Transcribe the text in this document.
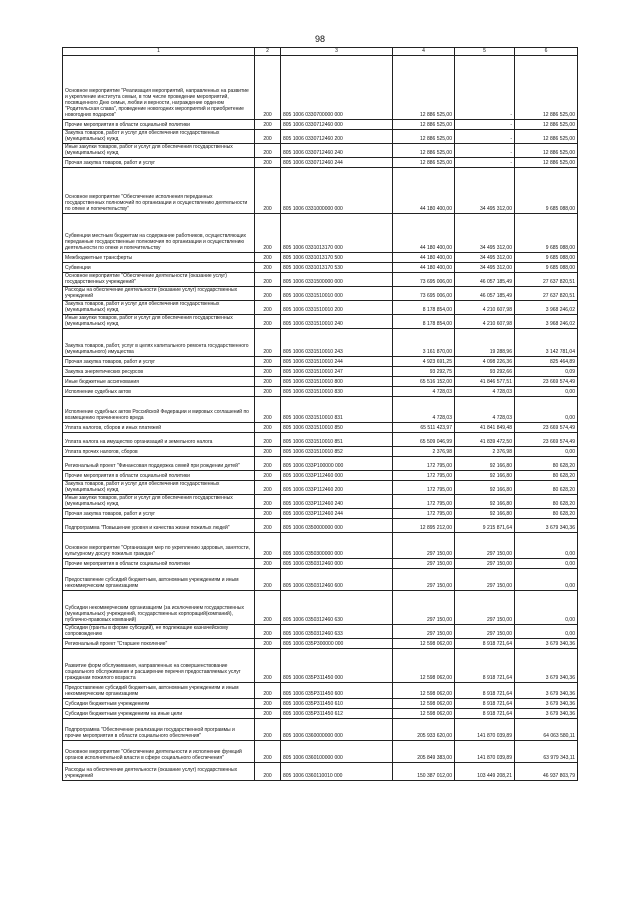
98
1	2	3	4	5	6
Основное мероприятие "Реализация мероприятий, направленных на развитие и укрепление института семьи, в том числе проведение мероприятий, посвященного Дню семьи, любви и верности, награждение орденом "Родительская слава", проведение новогодних мероприятий и приобретение новогодних подарков"	200	805 1006 0330700000 000	12 886 525,00	-	12 886 525,00
Прочие мероприятия в области социальной политики	200	805 1006 0330712460 000	12 886 525,00	-	12 886 525,00
Закупка товаров, работ и услуг для обеспечения государственных (муниципальных) нужд	200	805 1006 0330712460 200	12 886 525,00	-	12 886 525,00
Иные закупки товаров, работ и услуг для обеспечения государственных (муниципальных) нужд	200	805 1006 0330712460 240	12 886 525,00	-	12 886 525,00
Прочая закупка товаров, работ и услуг	200	805 1006 0330712460 244	12 886 525,00	-	12 886 525,00
Основное мероприятие "Обеспечение исполнения переданных государственных полномочий по организации и осуществлению деятельности по опеке и попечительству"	200	805 1006 0331000000 000	44 180 400,00	34 495 312,00	9 685 088,00
Субвенции местным бюджетам на содержание работников, осуществляющих переданные государственные полномочия по организации и осуществлению деятельности по опеке и попечительству	200	805 1006 0331013170 000	44 180 400,00	34 495 312,00	9 685 088,00
Межбюджетные трансферты	200	805 1006 0331013170 500	44 180 400,00	34 495 312,00	9 685 088,00
Субвенции	200	805 1006 0331013170 530	44 180 400,00	34 495 312,00	9 685 088,00
Основное мероприятие "Обеспечение деятельности (оказание услуг) государственных учреждений"	200	805 1006 0331500000 000	73 695 006,00	46 057 185,49	27 637 820,51
Расходы на обеспечение деятельности (оказание услуг) государственных учреждений	200	805 1006 0331510010 000	73 695 006,00	46 057 185,49	27 637 820,51
Закупка товаров, работ и услуг для обеспечения государственных (муниципальных) нужд	200	805 1006 0331510010 200	8 178 854,00	4 210 607,98	3 968 246,02
Иные закупки товаров, работ и услуг для обеспечения государственных (муниципальных) нужд	200	805 1006 0331510010 240	8 178 854,00	4 210 607,98	3 968 246,02
Закупка товаров, работ, услуг в целях капитального ремонта государственного (муниципального) имущества	200	805 1006 0331510010 243	3 161 870,00	19 288,96	3 142 781,04
Прочая закупка товаров, работ и услуг	200	805 1006 0331510010 244	4 923 691,25	4 098 226,36	825 464,89
Закупка энергетических ресурсов	200	805 1006 0331510010 247	93 292,75	93 292,66	0,09
Иные бюджетные ассигнования	200	805 1006 0331510010 800	65 516 152,00	41 846 577,51	23 669 574,49
Исполнение судебных актов	200	805 1006 0331510010 830	4 728,03	4 728,03	0,00
Исполнение судебных актов Российской Федерации и мировых соглашений по возмещению причиненного вреда	200	805 1006 0331510010 831	4 728,03	4 728,03	0,00
Уплата налогов, сборов и иных платежей	200	805 1006 0331510010 850	65 511 423,97	41 841 849,48	23 669 574,49
Уплата налога на имущество организаций и земельного налога	200	805 1006 0331510010 851	65 509 046,99	41 839 472,50	23 669 574,49
Уплата прочих налогов, сборов	200	805 1006 0331510010 852	2 376,98	2 376,98	0,00
Региональный проект "Финансовая поддержка семей при рождении детей"	200	805 1006 033P100000 000	172 795,00	92 166,80	80 628,20
Прочие мероприятия в области социальной политики	200	805 1006 033P112460 000	172 795,00	92 166,80	80 628,20
Закупка товаров, работ и услуг для обеспечения государственных (муниципальных) нужд	200	805 1006 033P112460 200	172 795,00	92 166,80	80 628,20
Иные закупки товаров, работ и услуг для обеспечения государственных (муниципальных) нужд	200	805 1006 033P112460 240	172 795,00	92 166,80	80 628,20
Прочая закупка товаров, работ и услуг	200	805 1006 033P112460 244	172 795,00	92 166,80	80 628,20
Подпрограмма "Повышение уровня и качества жизни пожилых людей"	200	805 1006 0350000000 000	12 895 212,00	9 215 871,64	3 679 340,36
Основное мероприятие "Организация мер по укреплению здоровья, занятости, культурному досугу пожилых граждан"	200	805 1006 0350300000 000	297 150,00	297 150,00	0,00
Прочие мероприятия в области социальной политики	200	805 1006 0350312460 000	297 150,00	297 150,00	0,00
Предоставление субсидий бюджетным, автономным учреждениям и иным некоммерческим организациям	200	805 1006 0350312460 600	297 150,00	297 150,00	0,00
Субсидии некоммерческим организациям (за исключением государственных (муниципальных) учреждений, государственных корпораций(компаний), публично-правовых компаний)	200	805 1006 0350312460 630	297 150,00	297 150,00	0,00
Субсидии (гранты в форме субсидий), не подлежащие казначейскому сопровождению	200	805 1006 0350312460 633	297 150,00	297 150,00	0,00
Региональный проект "Старшее поколение"	200	805 1006 035P300000 000	12 598 062,00	8 918 721,64	3 679 340,36
Развитие форм обслуживания, направленных на совершенствование социального обслуживания и расширение перечня предоставляемых услуг гражданам пожилого возраста	200	805 1006 035P311450 000	12 598 062,00	8 918 721,64	3 679 340,36
Предоставление субсидий бюджетным, автономным учреждениям и иным некоммерческим организациям	200	805 1006 035P311450 600	12 598 062,00	8 918 721,64	3 679 340,36
Субсидии бюджетным учреждениям	200	805 1006 035P311450 610	12 598 062,00	8 918 721,64	3 679 340,36
Субсидии бюджетным учреждениям на иные цели	200	805 1006 035P311450 612	12 598 062,00	8 918 721,64	3 679 340,36
Подпрограмма "Обеспечение реализации государственной программы и прочие мероприятия в области социального обеспечения"	200	805 1006 0360000000 000	205 933 620,00	141 870 039,89	64 063 580,11
Основное мероприятие "Обеспечение деятельности и исполнение функций органов исполнительной власти в сфере социального обеспечения"	200	805 1006 0360100000 000	205 849 383,00	141 870 039,89	63 979 343,11
Расходы на обеспечение деятельности (оказание услуг) государственных учреждений	200	805 1006 0360110010 000	150 387 012,00	103 449 208,21	46 937 803,79
